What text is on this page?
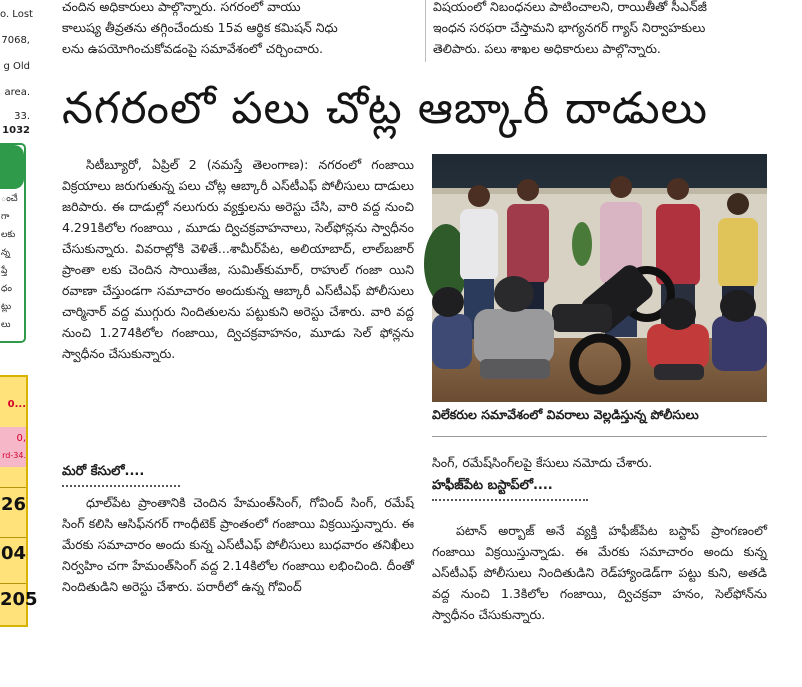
o. Lost
7068,
g Old
area.
33.
1032
ంచే
గా
లకు
న్న
ప్తే
ధం
ట్లు
లు
0...
0,
rd-34.
26
04
205
చందిన అధికారులు పాల్గొన్నారు. సగరంలో వాయు
కాలుష్య తీవ్రతను తగ్గించేందుకు 15వ ఆర్థిక కమిషన్ నిధు
లను ఉపయోగించుకోవడంపై సమావేశంలో చర్చించారు.
విషయంలో నిబంధనలు పాటించాలని, రాయితీతో సీఎన్‌జీ
ఇంధన సరఫరా చేస్తామని భాగ్యనగర్ గ్యాస్ నిర్వాహకులు
తెలిపారు. పలు శాఖల అధికారులు పాల్గొన్నారు.
నగరంలో పలు చోట్ల ఆబ్కారీ దాడులు
సిటీబ్యూరో, ఏప్రిల్ 2 (నమస్తే తెలంగాణ): నగరంలో గంజాయి విక్రయాలు జరుగుతున్న పలు చోట్ల ఆబ్కారీ ఎస్‌టీఎఫ్ పోలీసులు దాడులు జరిపారు. ఈ దాడుల్లో నలుగురు వ్యక్తులను అరెస్టు చేసి, వారి వద్ద నుంచి 4.291కిలోల గంజాయి , మూడు ద్విచక్రవాహనాలు, సెల్‌ఫోన్లను స్వాధీనం చేసుకున్నారు. వివరాల్లోకి వెళితే...శామీర్‌పేట, అలియాబాద్, లాల్‌బజార్ ప్రాంతా లకు చెందిన సాయితేజ, సుమిత్‌కుమార్, రాహుల్ గంజా యిని రవాణా చేస్తుండగా సమాచారం అందుకున్న ఆబ్కారీ ఎస్‌టీఎఫ్ పోలీసులు చార్మినార్ వద్ద ముగ్గురు నిందితులను పట్టుకుని అరెస్టు చేశారు. వారి వద్ద నుంచి 1.274కిలోల గంజాయి, ద్విచక్రవాహనం, మూడు సెల్ ఫోన్లను స్వాధీనం చేసుకున్నారు.
మరో కేసులో....
ధూల్‌పేట ప్రాంతానికి చెందిన హేమంత్‌సింగ్, గోవింద్ సింగ్, రమేష్ సింగ్ కలిసి ఆసిఫ్‌నగర్ గాంధీటెక్ ప్రాంతంలో గంజాయి విక్రయిస్తున్నారు. ఈ మేరకు సమాచారం అందు కున్న ఎస్‌టీఎఫ్ పోలీసులు బుధవారం తనిఖీలు నిర్వహిం చగా హేమంత్‌సింగ్ వద్ద 2.14కిలోల గంజాయి లభించింది. దీంతో నిందితుడిని అరెస్టు చేశారు. పరారీలో ఉన్న గోవింద్
విలేకరుల సమావేశంలో వివరాలు వెల్లడిస్తున్న పోలీసులు
సింగ్, రమేష్‌సింగ్‌లపై కేసులు నమోదు చేశారు.
హఫీజ్‌పేట బస్టాప్‌లో....
పటాన్ అర్బాజ్ అనే వ్యక్తి హఫీజ్‌పేట బస్టాప్ ప్రాంగణంలో గంజాయి విక్రయిస్తున్నాడు. ఈ మేరకు సమాచారం అందు కున్న ఎస్‌టీఎఫ్ పోలీసులు నిందితుడిని రెడ్‌హ్యాండెడ్‌గా పట్టు కుని, అతడి వద్ద నుంచి 1.3కిలోల గంజాయి, ద్విచక్రవా హనం, సెల్‌ఫోన్‌ను స్వాధీనం చేసుకున్నారు.
